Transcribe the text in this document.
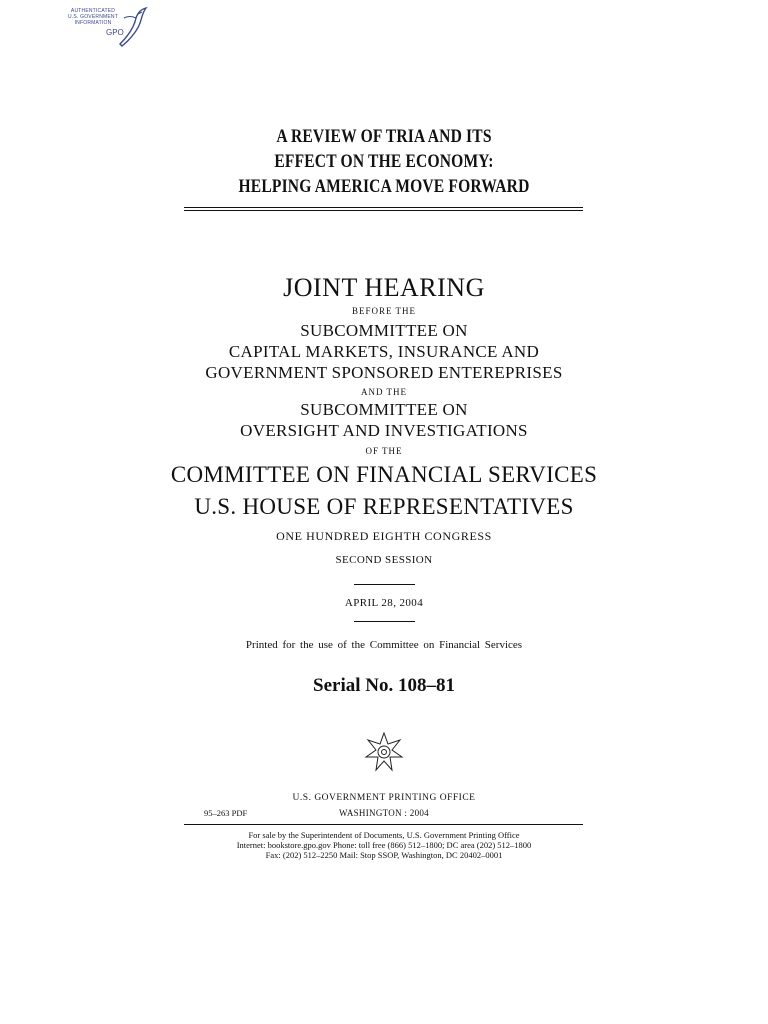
AUTHENTICATED
U.S. GOVERNMENT
INFORMATION
GPO
A REVIEW OF TRIA AND ITS
EFFECT ON THE ECONOMY:
HELPING AMERICA MOVE FORWARD
JOINT HEARING
BEFORE THE
SUBCOMMITTEE ON
CAPITAL MARKETS, INSURANCE AND
GOVERNMENT SPONSORED ENTEREPRISES
AND THE
SUBCOMMITTEE ON
OVERSIGHT AND INVESTIGATIONS
OF THE
COMMITTEE ON FINANCIAL SERVICES
U.S. HOUSE OF REPRESENTATIVES
ONE HUNDRED EIGHTH CONGRESS
SECOND SESSION
APRIL 28, 2004
Printed for the use of the Committee on Financial Services
Serial No. 108–81
U.S. GOVERNMENT PRINTING OFFICE
95–263 PDF	WASHINGTON : 2004
For sale by the Superintendent of Documents, U.S. Government Printing Office
Internet: bookstore.gpo.gov Phone: toll free (866) 512–1800; DC area (202) 512–1800
Fax: (202) 512–2250 Mail: Stop SSOP, Washington, DC 20402–0001
